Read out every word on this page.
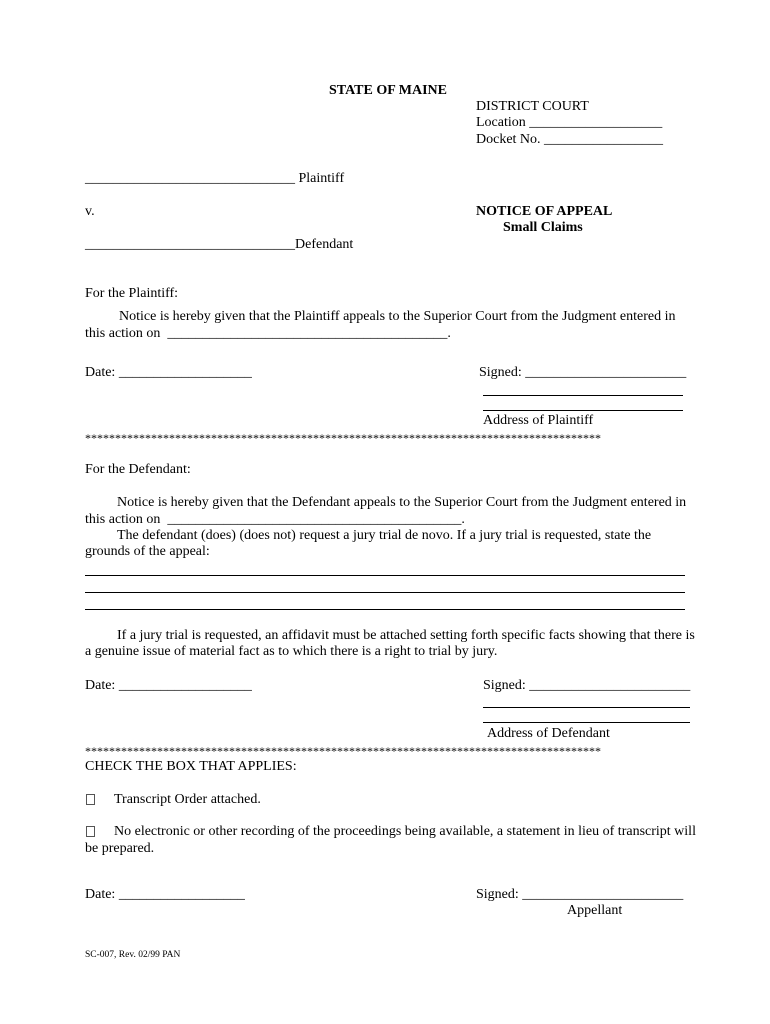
STATE OF MAINE
DISTRICT COURT
Location ___________________
Docket No. _________________
______________________________ Plaintiff
v.	NOTICE OF APPEAL
Small Claims
______________________________Defendant
For the Plaintiff:
Notice is hereby given that the Plaintiff appeals to the Superior Court from the Judgment entered in
this action on  ________________________________________.
Date: ___________________	Signed: _______________________
Address of Plaintiff
**************************************************************************************
For the Defendant:
Notice is hereby given that the Defendant appeals to the Superior Court from the Judgment entered in
this action on  __________________________________________.
The defendant (does) (does not) request a jury trial de novo. If a jury trial is requested, state the
grounds of the appeal:
If a jury trial is requested, an affidavit must be attached setting forth specific facts showing that there is
a genuine issue of material fact as to which there is a right to trial by jury.
Date: ___________________	Signed: _______________________
Address of Defendant
**************************************************************************************
CHECK THE BOX THAT APPLIES:
Transcript Order attached.
No electronic or other recording of the proceedings being available, a statement in lieu of transcript will
be prepared.
Date: __________________	Signed: _______________________
Appellant
SC-007, Rev. 02/99 PAN
